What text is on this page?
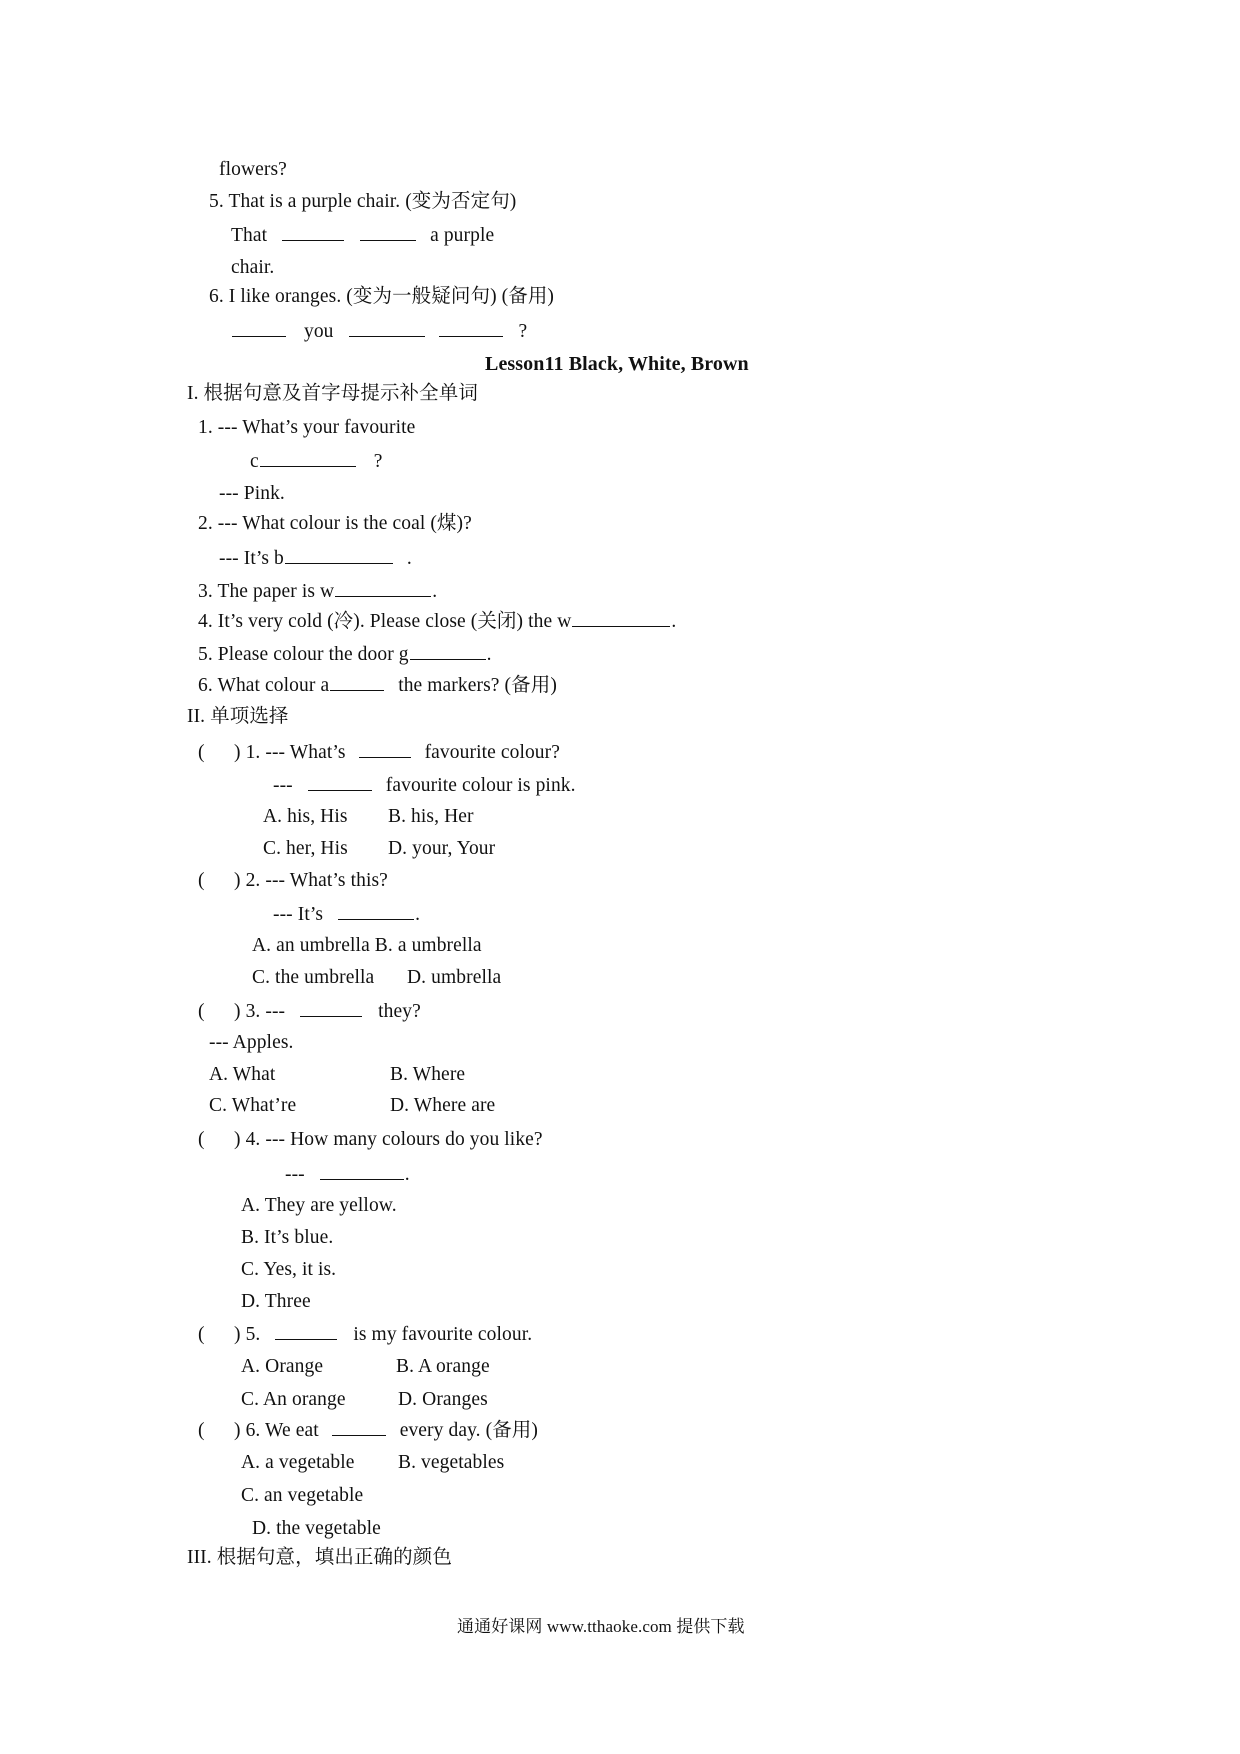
flowers?
5. That is a purple chair. (变为否定句)
That	a purple
chair.
6. I like oranges. (变为一般疑问句) (备用)
you	?
Lesson11 Black, White, Brown
I. 根据句意及首字母提示补全单词
1. --- What’s your favourite
c	?
--- Pink.
2. --- What colour is the coal (煤)?
--- It’s b	.
3. The paper is w	.
4. It’s very cold (冷). Please close (关闭) the w	.
5. Please colour the door g	.
6. What colour a	the markers? (备用)
II. 单项选择
( ) 1. --- What’s	favourite colour?
---	favourite colour is pink.
A. his, His B. his, Her
C. her, His D. your, Your
( ) 2. --- What’s this?
--- It’s	.
A. an umbrella B. a umbrella
C. the umbrella D. umbrella
( ) 3. ---	they?
--- Apples.
A. What	B. Where
C. What’re	D. Where are
( ) 4. --- How many colours do you like?
---	.
A. They are yellow.
B. It’s blue.
C. Yes, it is.
D. Three
( ) 5.	is my favourite colour.
A. Orange	B. A orange
C. An orange	D. Oranges
( ) 6. We eat	every day. (备用)
A. a vegetable B. vegetables
C. an vegetable
D. the vegetable
III. 根据句意，填出正确的颜色
通通好课网 www.tthaoke.com 提供下载
